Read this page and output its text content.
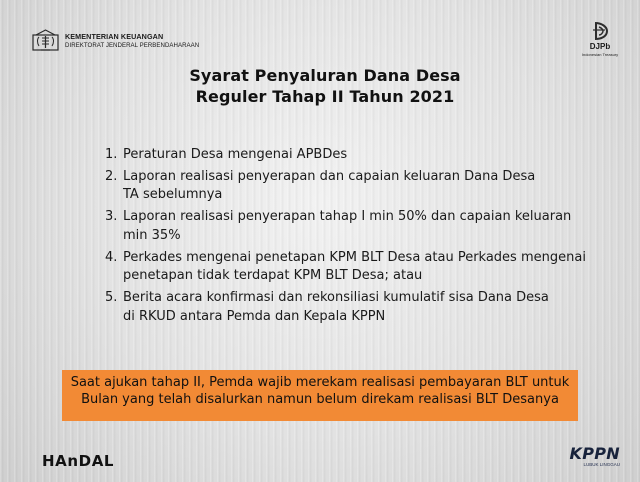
KEMENTERIAN KEUANGAN
DIREKTORAT JENDERAL PERBENDAHARAAN	DJPb
Indonesian Treasury
Syarat Penyaluran Dana Desa
Reguler Tahap II Tahun 2021
1. Peraturan Desa mengenai APBDes
2. Laporan realisasi penyerapan dan capaian keluaran Dana Desa
TA sebelumnya
3. Laporan realisasi penyerapan tahap I min 50% dan capaian keluaran
min 35%
4. Perkades mengenai penetapan KPM BLT Desa atau Perkades mengenai
penetapan tidak terdapat KPM BLT Desa; atau
5. Berita acara konfirmasi dan rekonsiliasi kumulatif sisa Dana Desa
di RKUD antara Pemda dan Kepala KPPN
Saat ajukan tahap II, Pemda wajib merekam realisasi pembayaran BLT untuk
Bulan yang telah disalurkan namun belum direkam realisasi BLT Desanya
HAnDAL	KPPN
LUBUK LINGGAU
